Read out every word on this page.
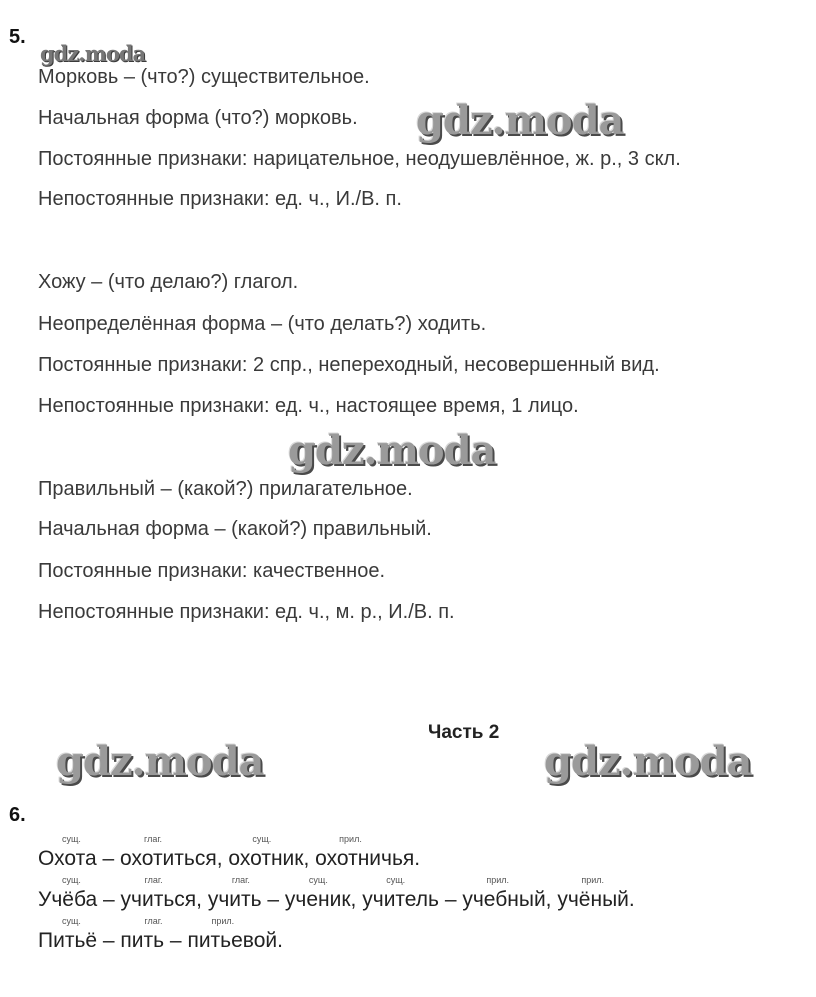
5.
gdz.moda
Морковь – (что?) существительное.
Начальная форма (что?) морковь.
Постоянные признаки: нарицательное, неодушевлённое, ж. р., 3 скл.
Непостоянные признаки: ед. ч., И./В. п.
Хожу – (что делаю?) глагол.
Неопределённая форма – (что делать?) ходить.
Постоянные признаки: 2 спр., непереходный, несовершенный вид.
Непостоянные признаки: ед. ч., настоящее время, 1 лицо.
Правильный – (какой?) прилагательное.
Начальная форма – (какой?) правильный.
Постоянные признаки: качественное.
Непостоянные признаки: ед. ч., м. р., И./В. п.
gdz.moda
gdz.moda
gdz.moda	gdz.moda
Часть 2
6.
сущ.
Охота –
глаг.
охотиться,
сущ.
охотник,
прил.
охотничья.
сущ.
Учёба –
глаг.
учиться,
глаг.
учить –
сущ.
ученик,
сущ.
учитель –
прил.
учебный,
прил.
учёный.
сущ.
Питьё –
глаг.
пить –
прил.
питьевой.
